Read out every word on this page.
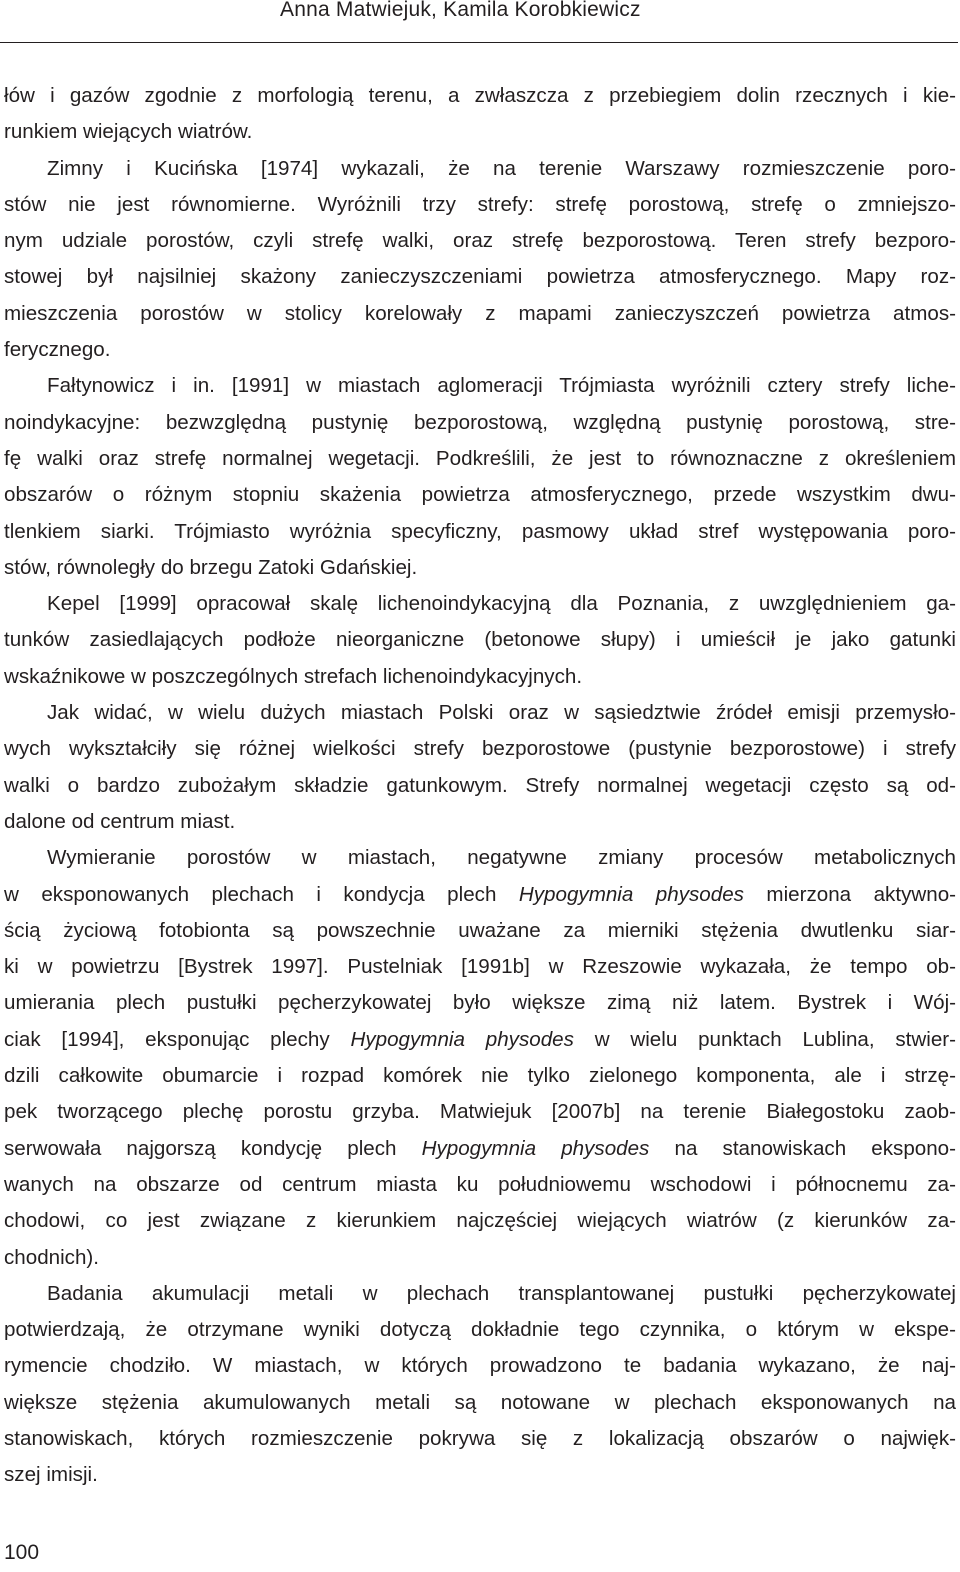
Anna Matwiejuk, Kamila Korobkiewicz
łów i gazów zgodnie z morfologią terenu, a zwłaszcza z przebiegiem dolin rzecznych i kie-
runkiem wiejących wiatrów.
Zimny i Kucińska [1974] wykazali, że na terenie Warszawy rozmieszczenie poro-
stów nie jest równomierne. Wyróżnili trzy strefy: strefę porostową, strefę o zmniejszo-
nym udziale porostów, czyli strefę walki, oraz strefę bezporostową. Teren strefy bezporo-
stowej był najsilniej skażony zanieczyszczeniami powietrza atmosferycznego. Mapy roz-
mieszczenia porostów w stolicy korelowały z mapami zanieczyszczeń powietrza atmos-
ferycznego.
Fałtynowicz i in. [1991] w miastach aglomeracji Trójmiasta wyróżnili cztery strefy liche-
noindykacyjne: bezwzględną pustynię bezporostową, względną pustynię porostową, stre-
fę walki oraz strefę normalnej wegetacji. Podkreślili, że jest to równoznaczne z określeniem
obszarów o różnym stopniu skażenia powietrza atmosferycznego, przede wszystkim dwu-
tlenkiem siarki. Trójmiasto wyróżnia specyficzny, pasmowy układ stref występowania poro-
stów, równoległy do brzegu Zatoki Gdańskiej.
Kepel [1999] opracował skalę lichenoindykacyjną dla Poznania, z uwzględnieniem ga-
tunków zasiedlających podłoże nieorganiczne (betonowe słupy) i umieścił je jako gatunki
wskaźnikowe w poszczególnych strefach lichenoindykacyjnych.
Jak widać, w wielu dużych miastach Polski oraz w sąsiedztwie źródeł emisji przemysło-
wych wykształciły się różnej wielkości strefy bezporostowe (pustynie bezporostowe) i strefy
walki o bardzo zubożałym składzie gatunkowym. Strefy normalnej wegetacji często są od-
dalone od centrum miast.
Wymieranie porostów w miastach, negatywne zmiany procesów metabolicznych
w eksponowanych plechach i kondycja plech Hypogymnia physodes mierzona aktywno-
ścią życiową fotobionta są powszechnie uważane za mierniki stężenia dwutlenku siar-
ki w powietrzu [Bystrek 1997]. Pustelniak [1991b] w Rzeszowie wykazała, że tempo ob-
umierania plech pustułki pęcherzykowatej było większe zimą niż latem. Bystrek i Wój-
ciak [1994], eksponując plechy Hypogymnia physodes w wielu punktach Lublina, stwier-
dzili całkowite obumarcie i rozpad komórek nie tylko zielonego komponenta, ale i strzę-
pek tworzącego plechę porostu grzyba. Matwiejuk [2007b] na terenie Białegostoku zaob-
serwowała najgorszą kondycję plech Hypogymnia physodes na stanowiskach ekspono-
wanych na obszarze od centrum miasta ku południowemu wschodowi i północnemu za-
chodowi, co jest związane z kierunkiem najczęściej wiejących wiatrów (z kierunków za-
chodnich).
Badania akumulacji metali w plechach transplantowanej pustułki pęcherzykowatej
potwierdzają, że otrzymane wyniki dotyczą dokładnie tego czynnika, o którym w ekspe-
rymencie chodziło. W miastach, w których prowadzono te badania wykazano, że naj-
większe stężenia akumulowanych metali są notowane w plechach eksponowanych na
stanowiskach, których rozmieszczenie pokrywa się z lokalizacją obszarów o najwięk-
szej imisji.
100
